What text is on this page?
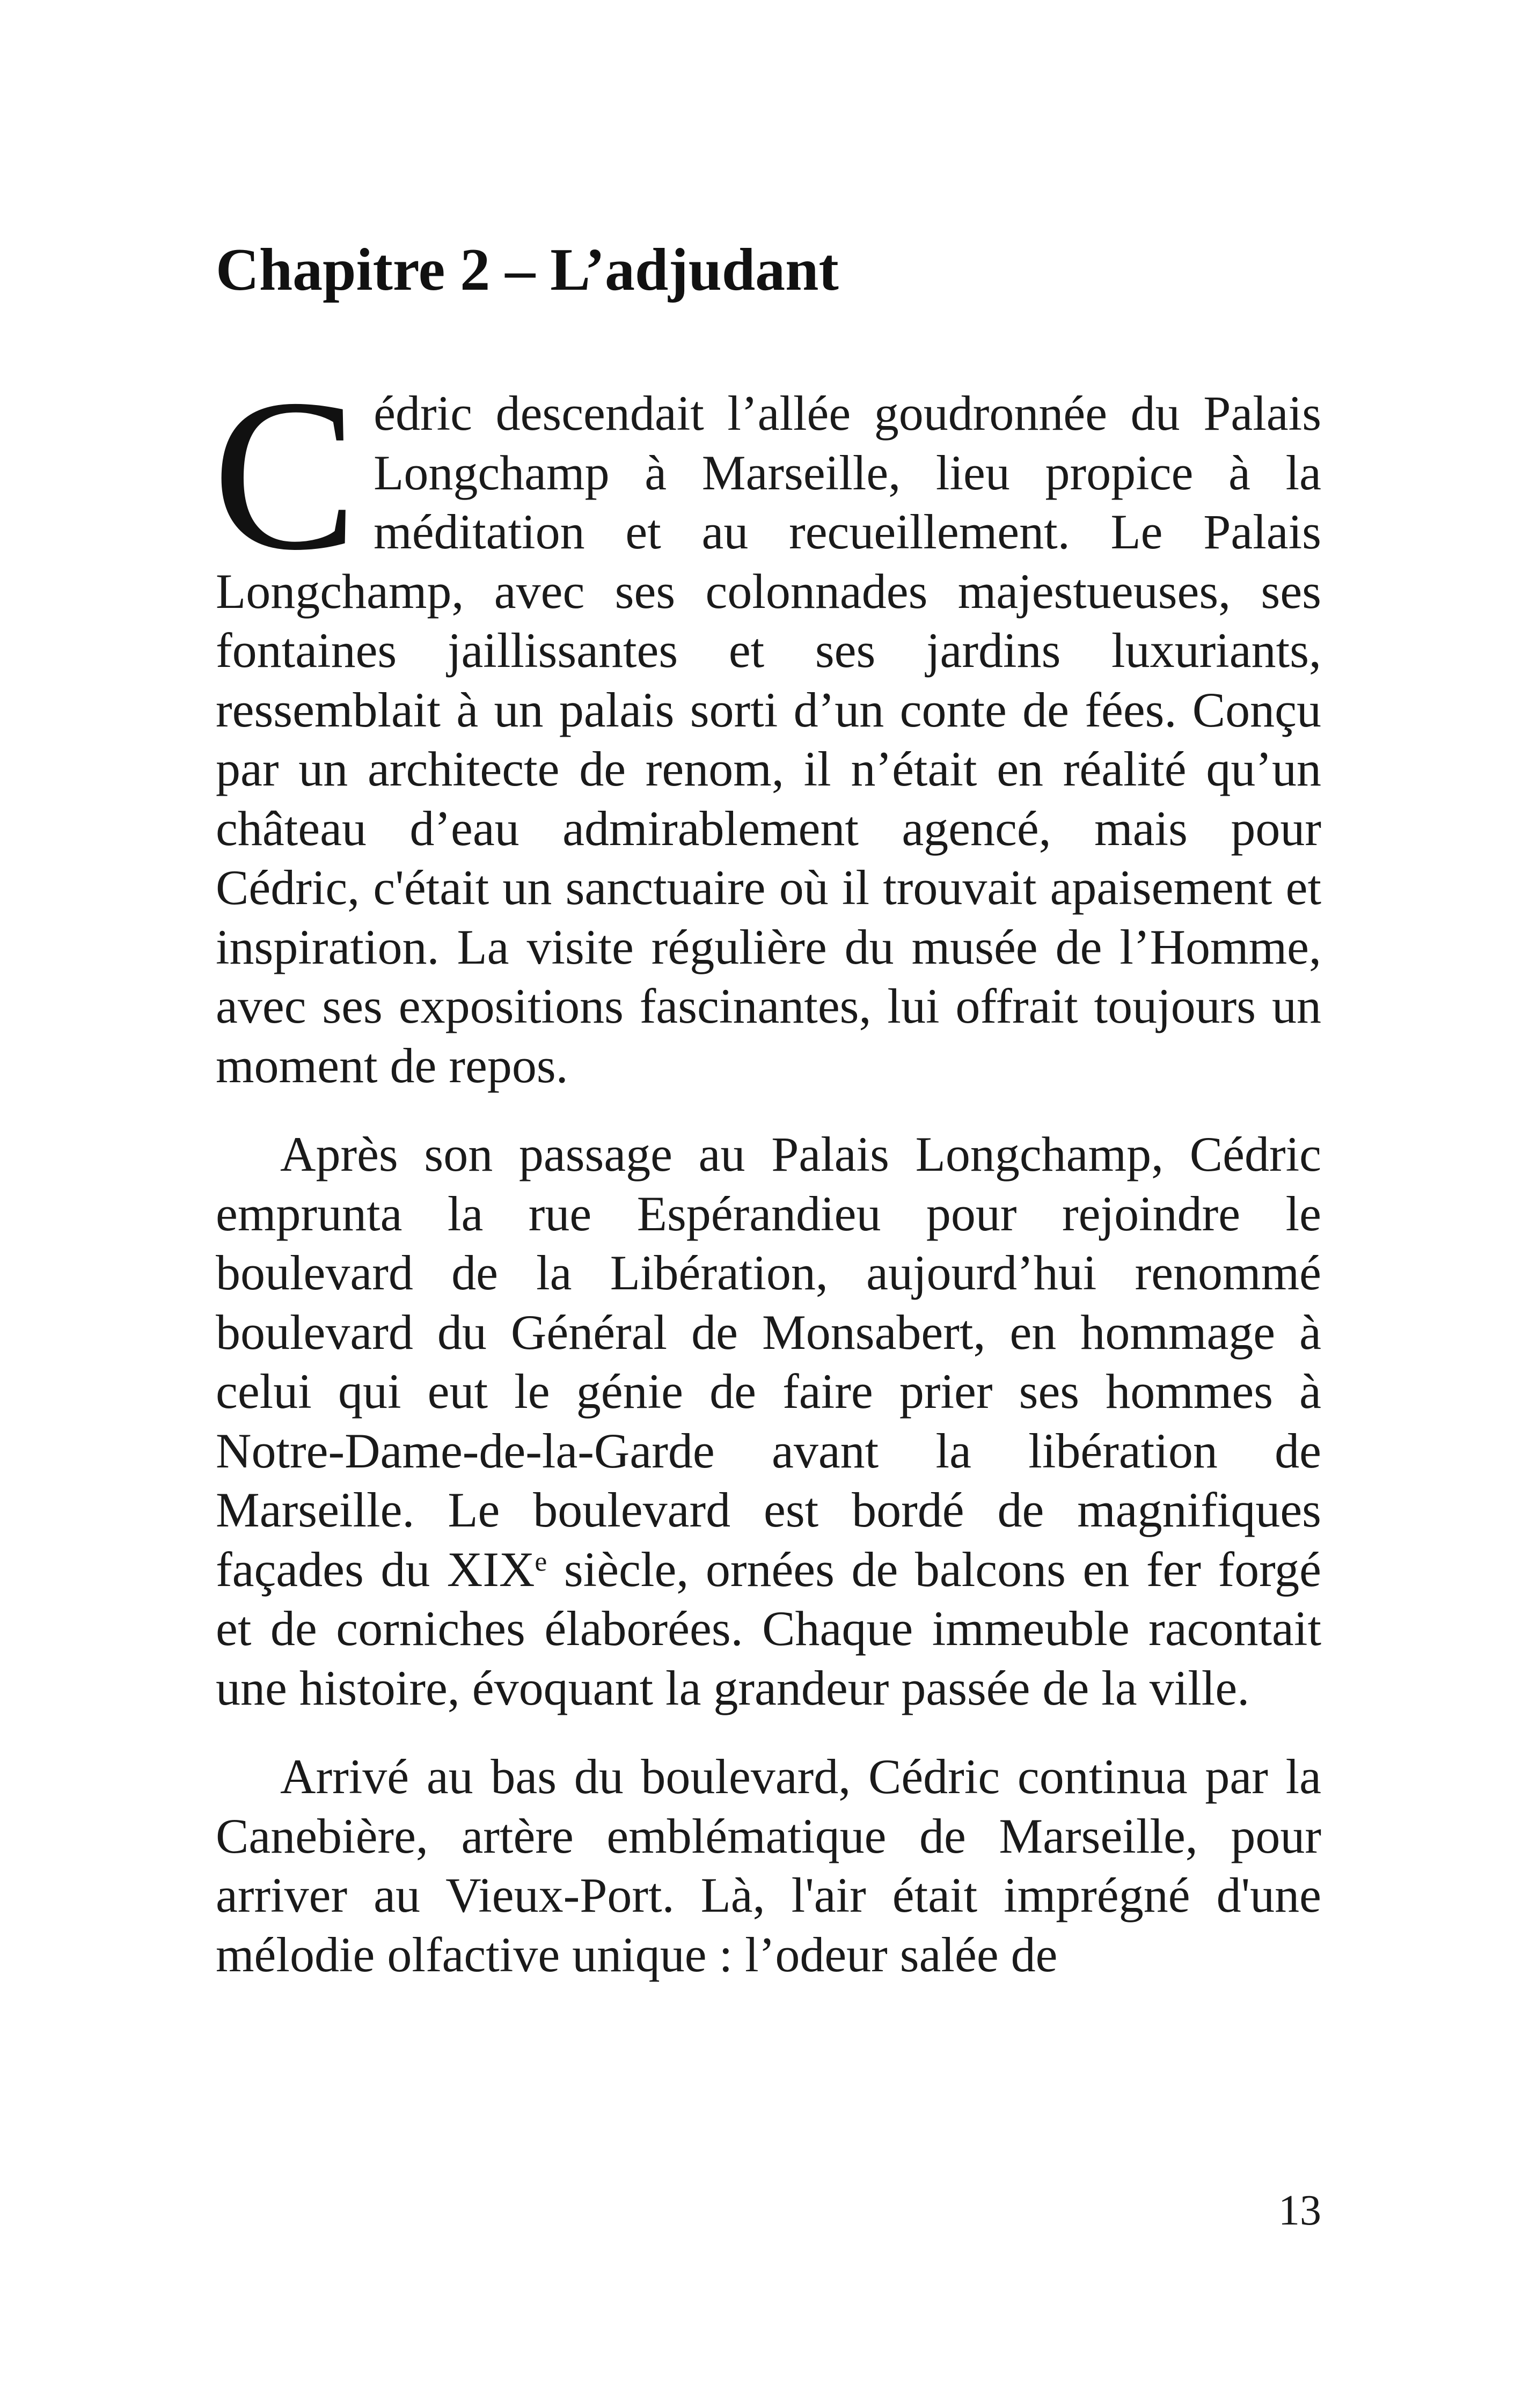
Chapitre 2 – L’adjudant

Cédric descendait l’allée goudronnée du Palais Longchamp à Marseille, lieu propice à la méditation et au recueillement. Le Palais Longchamp, avec ses colonnades majestueuses, ses fontaines jaillissantes et ses jardins luxuriants, ressemblait à un palais sorti d’un conte de fées. Conçu par un architecte de renom, il n’était en réalité qu’un château d’eau admirablement agencé, mais pour Cédric, c'était un sanctuaire où il trouvait apaisement et inspiration. La visite régulière du musée de l’Homme, avec ses expositions fascinantes, lui offrait toujours un moment de repos.

Après son passage au Palais Longchamp, Cédric emprunta la rue Espérandieu pour rejoindre le boulevard de la Libération, aujourd’hui renommé boulevard du Général de Monsabert, en hommage à celui qui eut le génie de faire prier ses hommes à Notre-Dame-de-la-Garde avant la libération de Marseille. Le boulevard est bordé de magnifiques façades du XIXe siècle, ornées de balcons en fer forgé et de corniches élaborées. Chaque immeuble racontait une histoire, évoquant la grandeur passée de la ville.

Arrivé au bas du boulevard, Cédric continua par la Canebière, artère emblématique de Marseille, pour arriver au Vieux-Port. Là, l'air était imprégné d'une mélodie olfactive unique : l’odeur salée de

13
